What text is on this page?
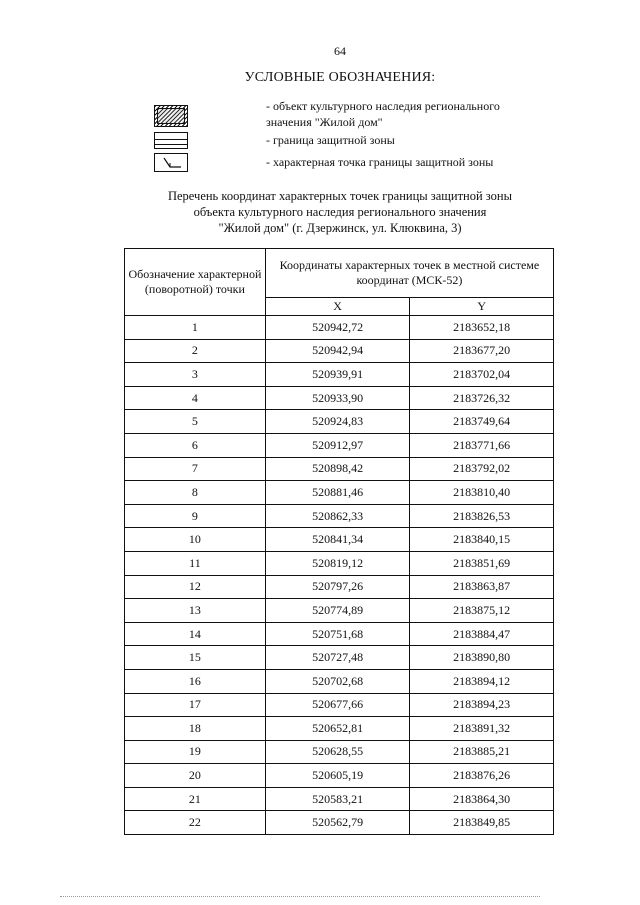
64
УСЛОВНЫЕ ОБОЗНАЧЕНИЯ:
- объект культурного наследия регионального
значения "Жилой дом"
- граница защитной зоны
- характерная точка границы защитной зоны
Перечень координат характерных точек границы защитной зоны
объекта культурного наследия регионального значения
"Жилой дом" (г. Дзержинск, ул. Клюквина, 3)
Обозначение характерной (поворотной) точки	Координаты характерных точек в местной системе координат (МСК-52)	
	X	Y
1	520942,72	2183652,18
2	520942,94	2183677,20
3	520939,91	2183702,04
4	520933,90	2183726,32
5	520924,83	2183749,64
6	520912,97	2183771,66
7	520898,42	2183792,02
8	520881,46	2183810,40
9	520862,33	2183826,53
10	520841,34	2183840,15
11	520819,12	2183851,69
12	520797,26	2183863,87
13	520774,89	2183875,12
14	520751,68	2183884,47
15	520727,48	2183890,80
16	520702,68	2183894,12
17	520677,66	2183894,23
18	520652,81	2183891,32
19	520628,55	2183885,21
20	520605,19	2183876,26
21	520583,21	2183864,30
22	520562,79	2183849,85
